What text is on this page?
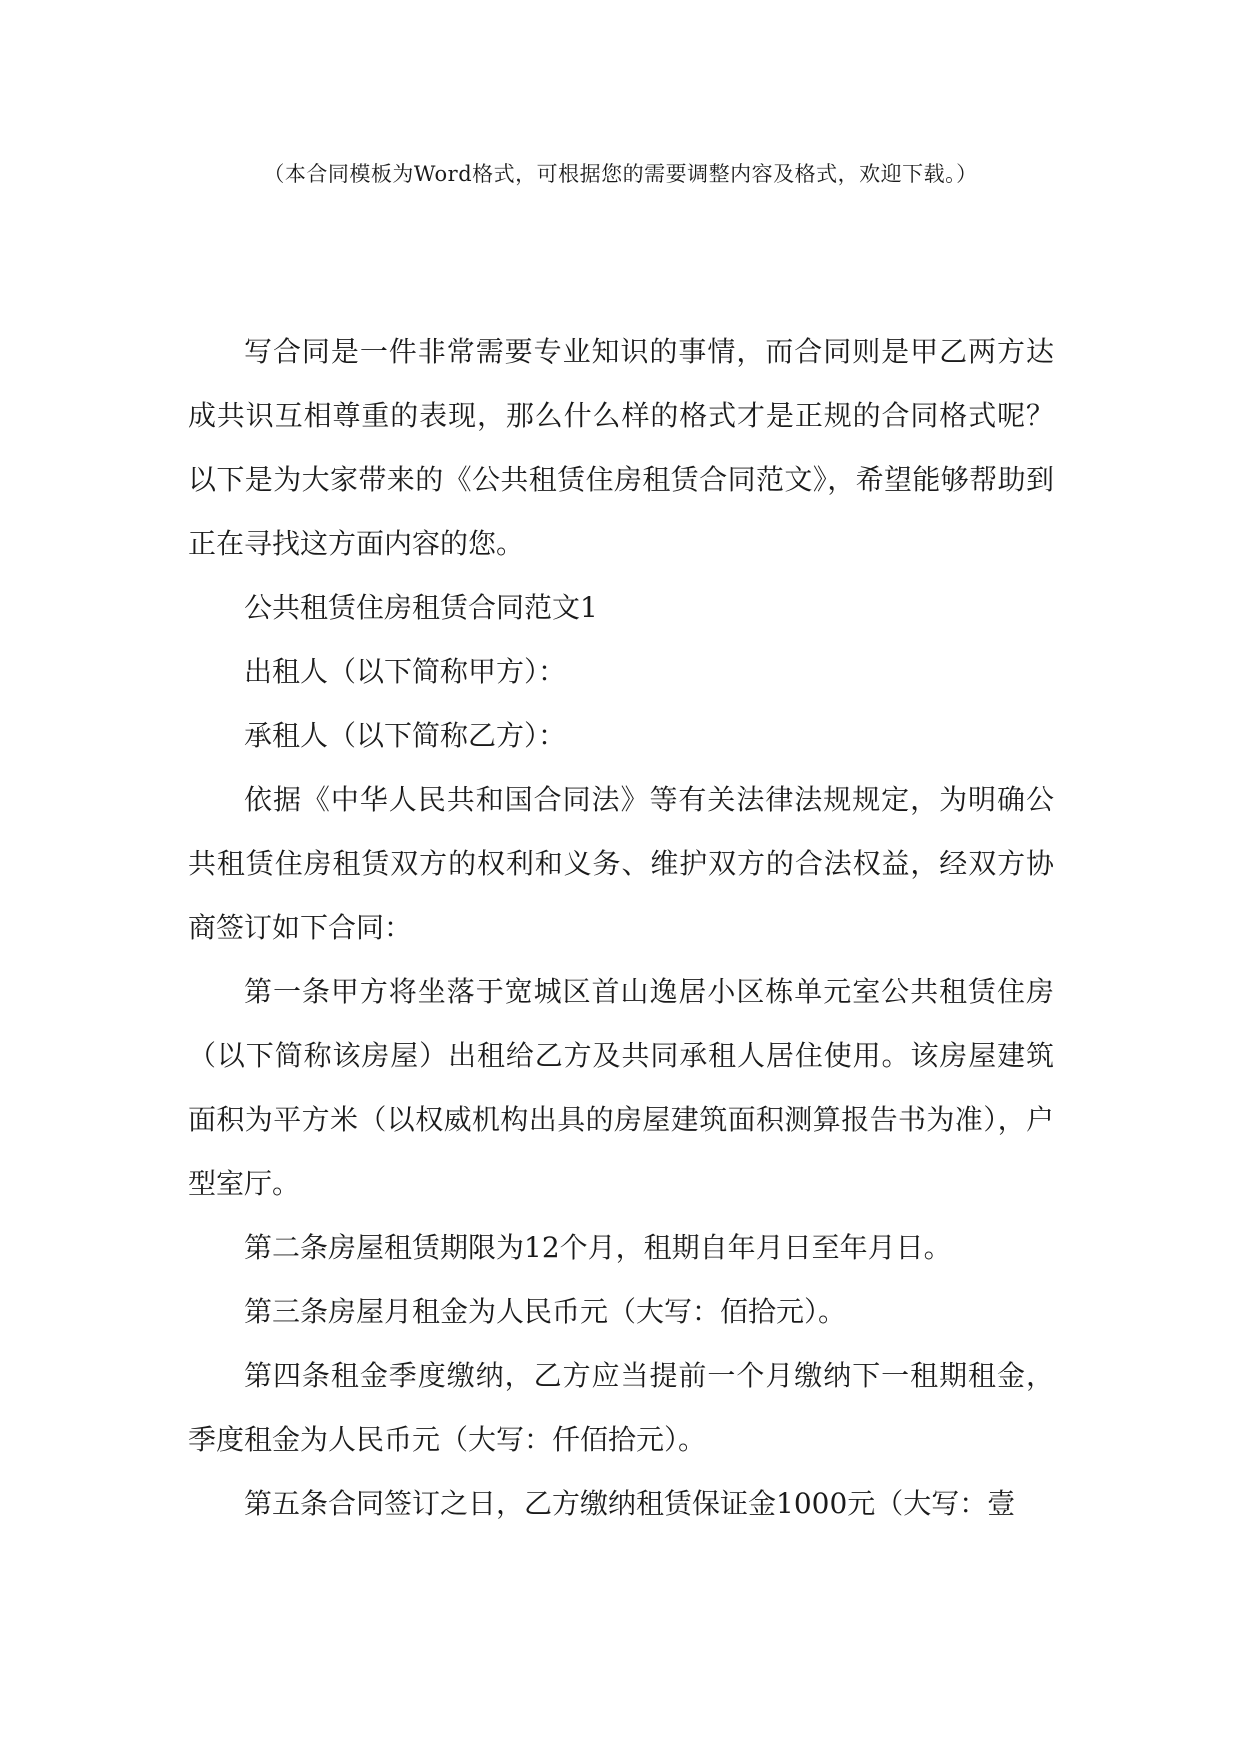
（本合同模板为Word格式，可根据您的需要调整内容及格式，欢迎下载。）

写合同是一件非常需要专业知识的事情，而合同则是甲乙两方达成共识互相尊重的表现，那么什么样的格式才是正规的合同格式呢？以下是为大家带来的《公共租赁住房租赁合同范文》，希望能够帮助到正在寻找这方面内容的您。

公共租赁住房租赁合同范文1

出租人（以下简称甲方）：

承租人（以下简称乙方）：

依据《中华人民共和国合同法》等有关法律法规规定，为明确公共租赁住房租赁双方的权利和义务、维护双方的合法权益，经双方协商签订如下合同：

第一条甲方将坐落于宽城区首山逸居小区栋单元室公共租赁住房（以下简称该房屋）出租给乙方及共同承租人居住使用。该房屋建筑面积为平方米（以权威机构出具的房屋建筑面积测算报告书为准），户型室厅。

第二条房屋租赁期限为12个月，租期自年月日至年月日。

第三条房屋月租金为人民币元（大写：佰拾元）。

第四条租金季度缴纳，乙方应当提前一个月缴纳下一租期租金，季度租金为人民币元（大写：仟佰拾元）。

第五条合同签订之日，乙方缴纳租赁保证金1000元（大写：壹
